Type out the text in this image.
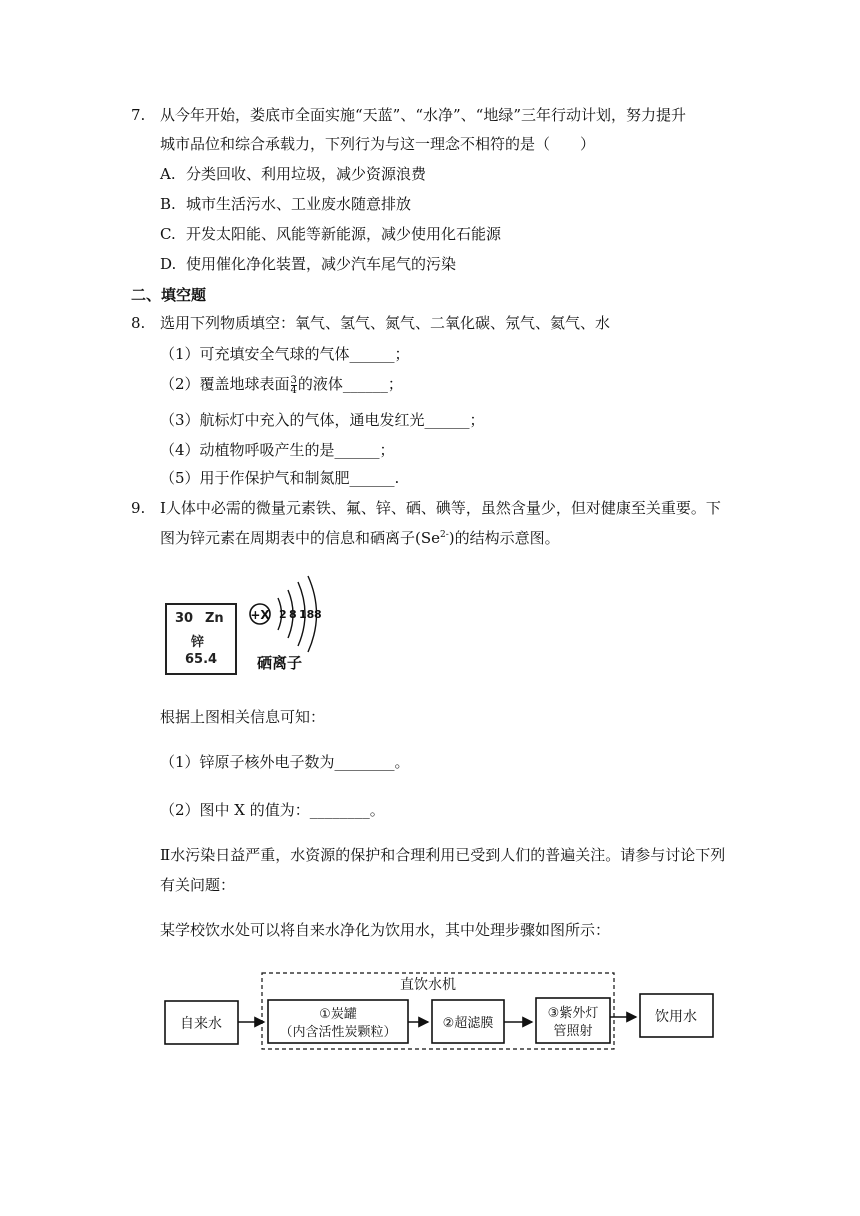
7. 从今年开始，娄底市全面实施“天蓝”、“水净”、“地绿”三年行动计划，努力提升
城市品位和综合承载力，下列行为与这一理念不相符的是（　　）
A. 分类回收、利用垃圾，减少资源浪费
B. 城市生活污水、工业废水随意排放
C. 开发太阳能、风能等新能源，减少使用化石能源
D. 使用催化净化装置，减少汽车尾气的污染
二、填空题
8. 选用下列物质填空：氧气、氢气、氮气、二氧化碳、氖气、氦气、水
（1）可充填安全气球的气体______；
（2）覆盖地球表面 $\frac{3}{4}$ 的液体______；
（3）航标灯中充入的气体，通电发红光______；
（4）动植物呼吸产生的是______；
（5）用于作保护气和制氮肥______.
9. Ⅰ人体中必需的微量元素铁、氟、锌、硒、碘等，虽然含量少，但对健康至关重要。下
图为锌元素在周期表中的信息和硒离子$(Se^{2-})$的结构示意图。
30 Zn
锌
65.4
+X 2 8 18 8
硒离子
根据上图相关信息可知：
（1）锌原子核外电子数为________。
（2）图中 X 的值为：________。
Ⅱ水污染日益严重，水资源的保护和合理利用已受到人们的普遍关注。请参与讨论下列
有关问题：
某学校饮水处可以将自来水净化为饮用水，其中处理步骤如图所示：
直饮水机
自来水
①炭罐
（内含活性炭颗粒）
②超滤膜
③紫外灯
管照射
饮用水
